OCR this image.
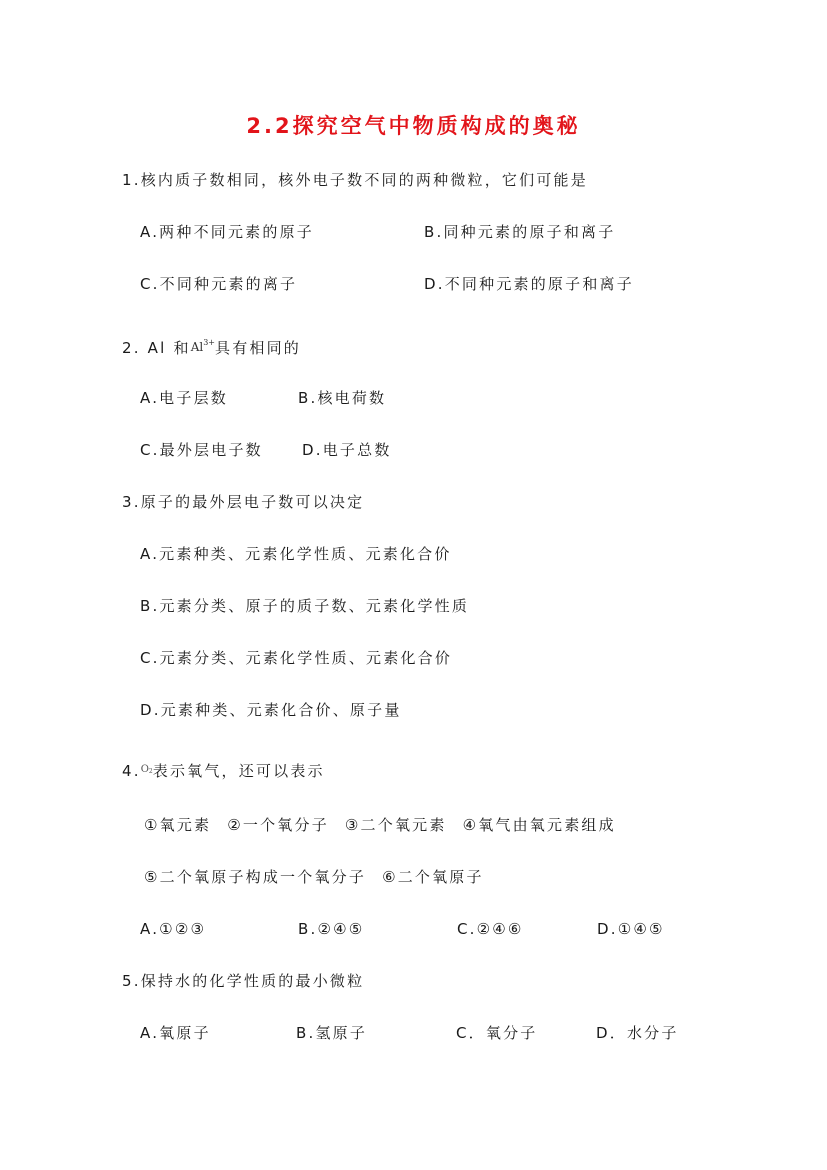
2.2探究空气中物质构成的奥秘
1.核内质子数相同，核外电子数不同的两种微粒，它们可能是
A.两种不同元素的原子	B.同种元素的原子和离子
C.不同种元素的离子	D.不同种元素的原子和离子
2. Al 和$Al^{3+}$具有相同的
A.电子层数	B.核电荷数
C.最外层电子数	D.电子总数
3.原子的最外层电子数可以决定
A.元素种类、元素化学性质、元素化合价
B.元素分类、原子的质子数、元素化学性质
C.元素分类、元素化学性质、元素化合价
D.元素种类、元素化合价、原子量
4.$^{O_2}$表示氧气，还可以表示
①氧元素 ②一个氧分子 ③二个氧元素 ④氧气由氧元素组成
⑤二个氧原子构成一个氧分子 ⑥二个氧原子
A.①②③	B.②④⑤	C.②④⑥	D.①④⑤
5.保持水的化学性质的最小微粒
A.氧原子	B.氢原子	C．氧分子	D．水分子
